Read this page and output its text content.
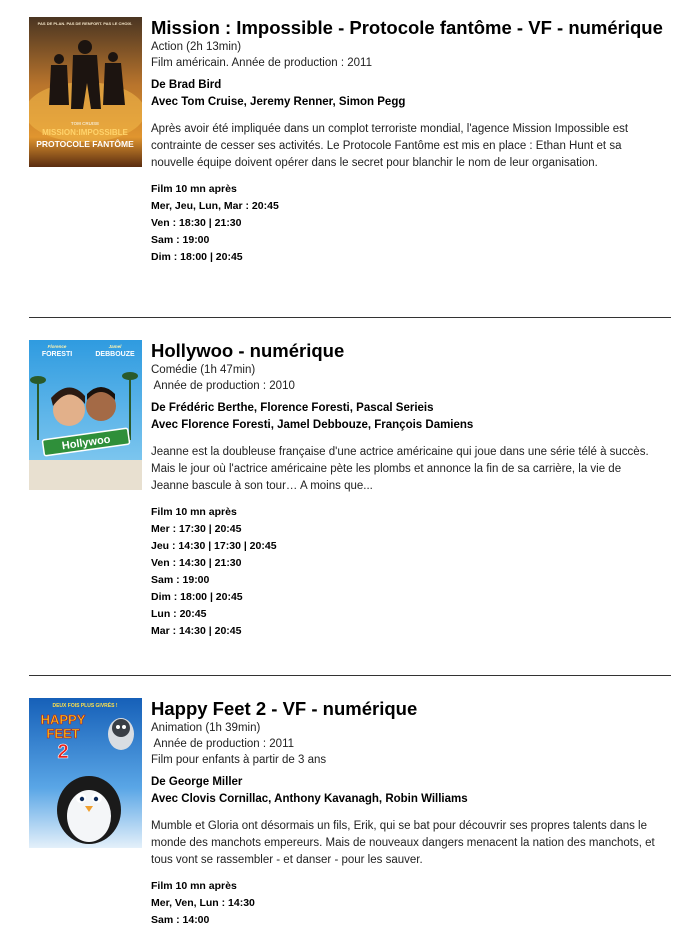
PAS DE PLAN. PAS DE RENFORT. PAS LE CHOIX.
TOM CRUISE
MISSION:IMPOSSIBLE
PROTOCOLE FANTÔME
Mission : Impossible - Protocole fantôme - VF - numérique

Action (2h 13min)

Film américain. Année de production : 2011

De Brad Bird
Avec Tom Cruise, Jeremy Renner, Simon Pegg
Après avoir été impliquée dans un complot terroriste mondial, l'agence Mission Impossible est contrainte de cesser ses activités. Le Protocole Fantôme est mis en place : Ethan Hunt et sa nouvelle équipe doivent opérer dans le secret pour blanchir le nom de leur organisation.
Film 10 mn après
Mer, Jeu, Lun, Mar : 20:45
Ven : 18:30 | 21:30
Sam : 19:00
Dim : 18:00 | 20:45
Hollywoo
Florence
FORESTI
Jamel
DEBBOUZE Hollywoo - numérique

Comédie (1h 47min)

Année de production : 2010

De Frédéric Berthe, Florence Foresti, Pascal Serieis
Avec Florence Foresti, Jamel Debbouze, François Damiens
Jeanne est la doubleuse française d'une actrice américaine qui joue dans une série télé à succès. Mais le jour où l'actrice américaine pète les plombs et annonce la fin de sa carrière, la vie de Jeanne bascule à son tour… A moins que...
Film 10 mn après
Mer : 17:30 | 20:45
Jeu : 14:30 | 17:30 | 20:45
Ven : 14:30 | 21:30
Sam : 19:00
Dim : 18:00 | 20:45
Lun : 20:45
Mar : 14:30 | 20:45
DEUX FOIS PLUS GIVRÉS !
HAPPY
FEET
2
Happy Feet 2 - VF - numérique

Animation (1h 39min)

Année de production : 2011

Film pour enfants à partir de 3 ans

De George Miller
Avec Clovis Cornillac, Anthony Kavanagh, Robin Williams
Mumble et Gloria ont désormais un fils, Erik, qui se bat pour découvrir ses propres talents dans le monde des manchots empereurs. Mais de nouveaux dangers menacent la nation des manchots, et tous vont se rassembler - et danser - pour les sauver.
Film 10 mn après
Mer, Ven, Lun : 14:30
Sam : 14:00
